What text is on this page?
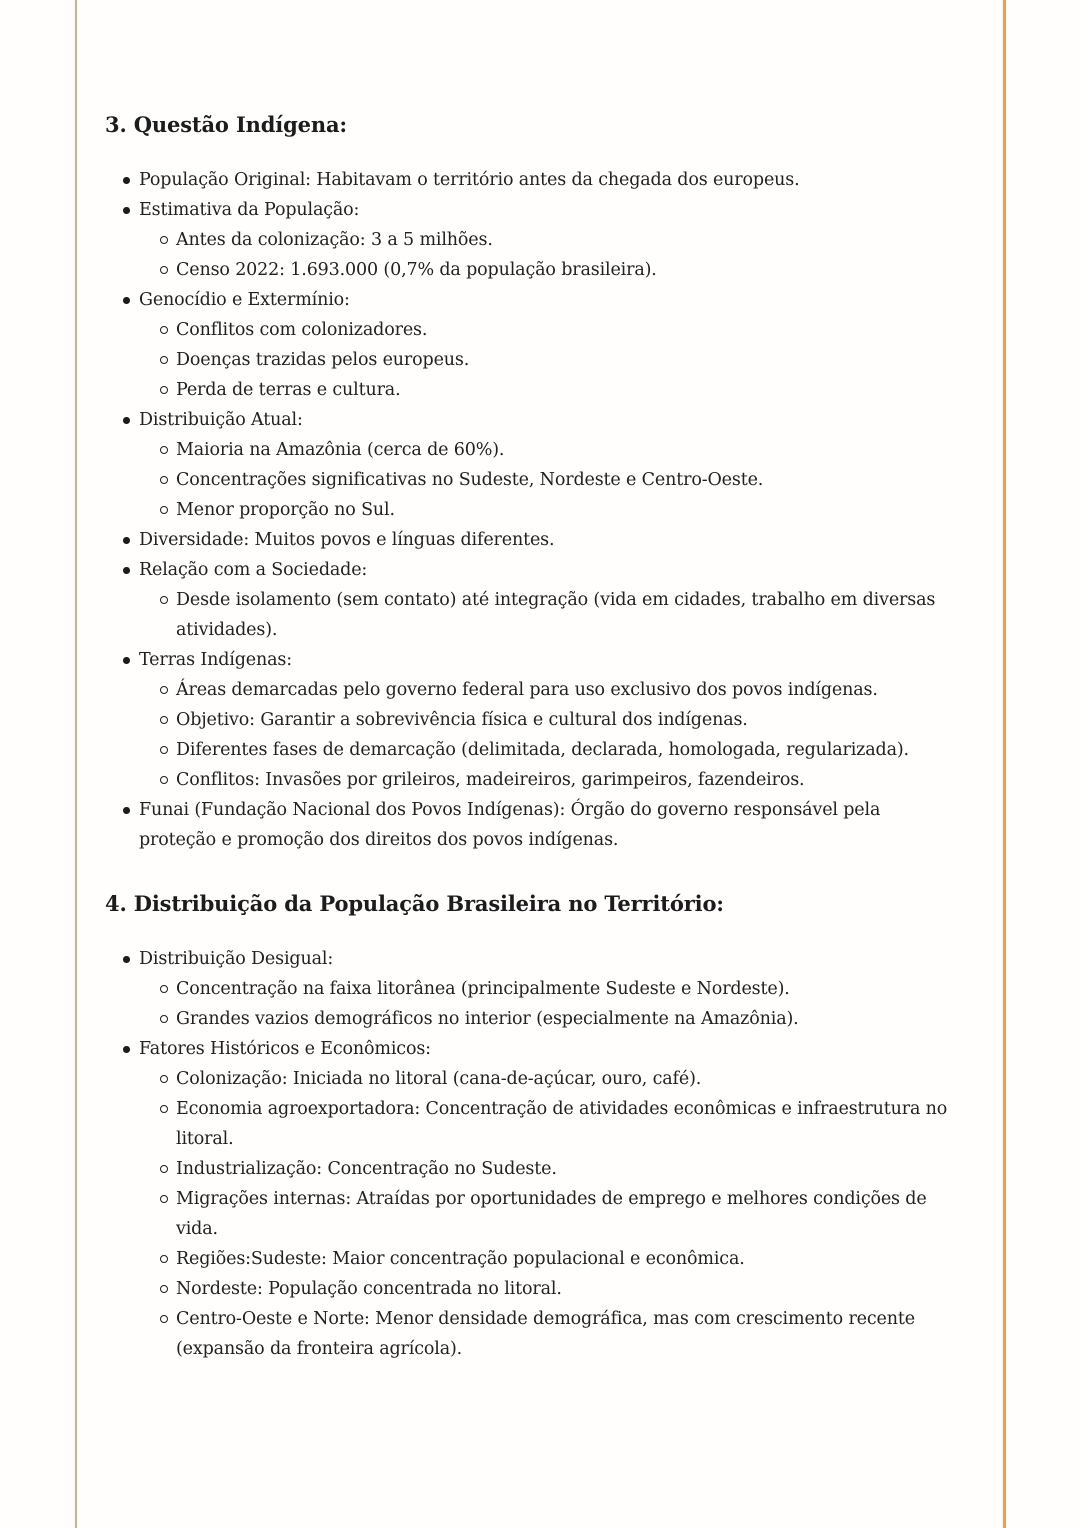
3. Questão Indígena:
População Original: Habitavam o território antes da chegada dos europeus.
Estimativa da População:
Antes da colonização: 3 a 5 milhões.
Censo 2022: 1.693.000 (0,7% da população brasileira).
Genocídio e Extermínio:
Conflitos com colonizadores.
Doenças trazidas pelos europeus.
Perda de terras e cultura.
Distribuição Atual:
Maioria na Amazônia (cerca de 60%).
Concentrações significativas no Sudeste, Nordeste e Centro-Oeste.
Menor proporção no Sul.
Diversidade: Muitos povos e línguas diferentes.
Relação com a Sociedade:
Desde isolamento (sem contato) até integração (vida em cidades, trabalho em diversas atividades).
Terras Indígenas:
Áreas demarcadas pelo governo federal para uso exclusivo dos povos indígenas.
Objetivo: Garantir a sobrevivência física e cultural dos indígenas.
Diferentes fases de demarcação (delimitada, declarada, homologada, regularizada).
Conflitos: Invasões por grileiros, madeireiros, garimpeiros, fazendeiros.
Funai (Fundação Nacional dos Povos Indígenas): Órgão do governo responsável pela proteção e promoção dos direitos dos povos indígenas.
4. Distribuição da População Brasileira no Território:
Distribuição Desigual:
Concentração na faixa litorânea (principalmente Sudeste e Nordeste).
Grandes vazios demográficos no interior (especialmente na Amazônia).
Fatores Históricos e Econômicos:
Colonização: Iniciada no litoral (cana-de-açúcar, ouro, café).
Economia agroexportadora: Concentração de atividades econômicas e infraestrutura no litoral.
Industrialização: Concentração no Sudeste.
Migrações internas: Atraídas por oportunidades de emprego e melhores condições de vida.
Regiões:Sudeste: Maior concentração populacional e econômica.
Nordeste: População concentrada no litoral.
Centro-Oeste e Norte: Menor densidade demográfica, mas com crescimento recente (expansão da fronteira agrícola).
